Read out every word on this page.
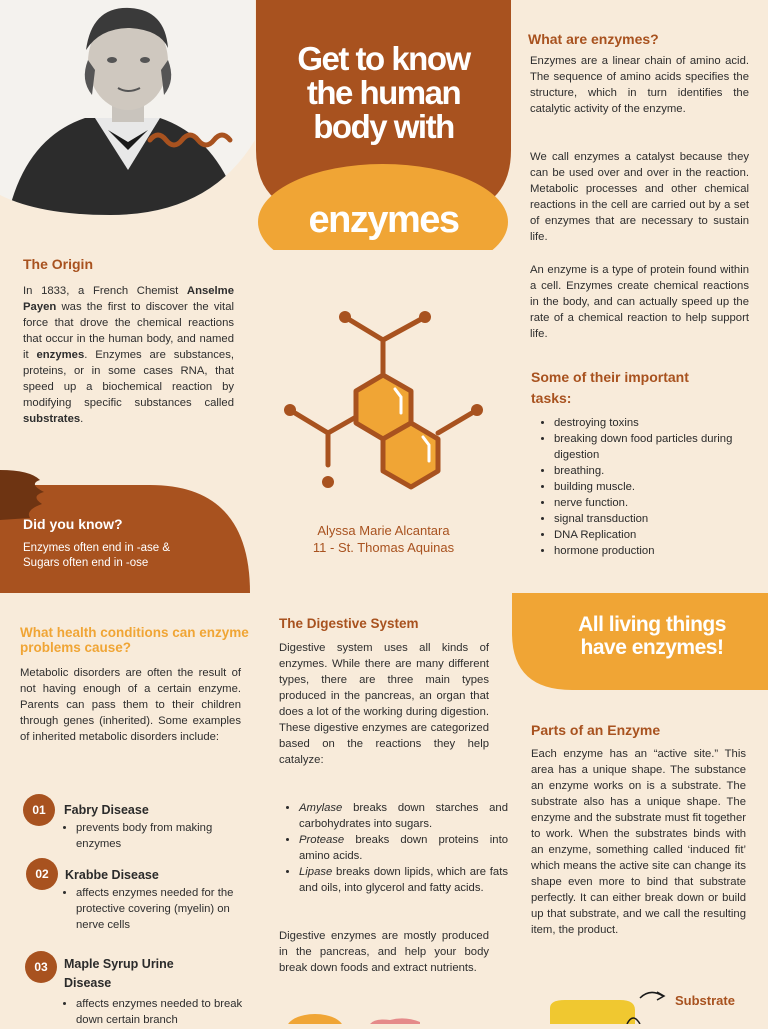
Get to know
the human
body with
enzymes
The Origin
In 1833, a French Chemist Anselme Payen was the first to discover the vital force that drove the chemical reactions that occur in the human body, and named it enzymes. Enzymes are substances, proteins, or in some cases RNA, that speed up a biochemical reaction by modifying specific substances called substrates.
Did you know?
Enzymes often end in -ase &
Sugars often end in -ose
Alyssa Marie Alcantara
11 - St. Thomas Aquinas
What are enzymes?
Enzymes are a linear chain of amino acid. The sequence of amino acids specifies the structure, which in turn identifies the catalytic activity of the enzyme.
We call enzymes a catalyst because they can be used over and over in the reaction. Metabolic processes and other chemical reactions in the cell are carried out by a set of enzymes that are necessary to sustain life.
An enzyme is a type of protein found within a cell. Enzymes create chemical reactions in the body, and can actually speed up the rate of a chemical reaction to help support life.
Some of their important tasks:
• destroying toxins
• breaking down food particles during digestion
• breathing.
• building muscle.
• nerve function.
• signal transduction
• DNA Replication
• hormone production
What health conditions can enzyme problems cause?
Metabolic disorders are often the result of not having enough of a certain enzyme. Parents can pass them to their children through genes (inherited). Some examples of inherited metabolic disorders include:
01	Fabry Disease
• prevents body from making enzymes
02	Krabbe Disease
• affects enzymes needed for the protective covering (myelin) on nerve cells
03	Maple Syrup Urine Disease
• affects enzymes needed to break down certain branch
The Digestive System
Digestive system uses all kinds of enzymes. While there are many different types, there are three main types produced in the pancreas, an organ that does a lot of the working during digestion. These digestive enzymes are categorized based on the reactions they help catalyze:
• Amylase breaks down starches and carbohydrates into sugars.
• Protease breaks down proteins into amino acids.
• Lipase breaks down lipids, which are fats and oils, into glycerol and fatty acids.
Digestive enzymes are mostly produced in the pancreas, and help your body break down foods and extract nutrients.
All living things
have enzymes!
Parts of an Enzyme
Each enzyme has an “active site.” This area has a unique shape. The substance an enzyme works on is a substrate. The substrate also has a unique shape. The enzyme and the substrate must fit together to work. When the substrates binds with an enzyme, something called ‘induced fit’ which means the active site can change its shape even more to bind that substrate perfectly. It can either break down or build up that substrate, and we call the resulting item, the product.
Substrate
